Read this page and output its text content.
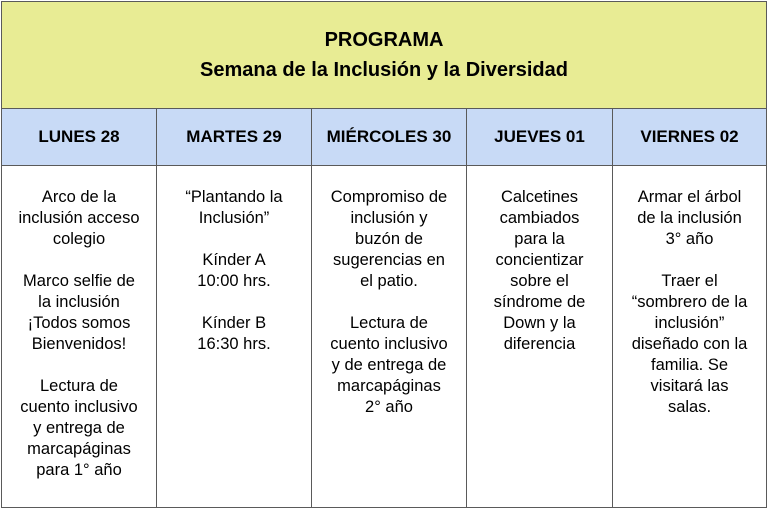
PROGRAMA
Semana de la Inclusión y la Diversidad				

LUNES 28	MARTES 29	MIÉRCOLES 30	JUEVES 01	VIERNES 02

Arco de la
inclusión acceso
colegio
Marco selfie de
la inclusión
¡Todos somos
Bienvenidos!
Lectura de
cuento inclusivo
y entrega de
marcapáginas
para 1° año

“Plantando la
Inclusión”
Kínder A
10:00 hrs.
Kínder B
16:30 hrs.

Compromiso de
inclusión y
buzón de
sugerencias en
el patio.
Lectura de
cuento inclusivo
y de entrega de
marcapáginas
2° año

Calcetines
cambiados
para la
concientizar
sobre el
síndrome de
Down y la
diferencia

Armar el árbol
de la inclusión
3° año
Traer el
“sombrero de la
inclusión”
diseñado con la
familia. Se
visitará las
salas.
